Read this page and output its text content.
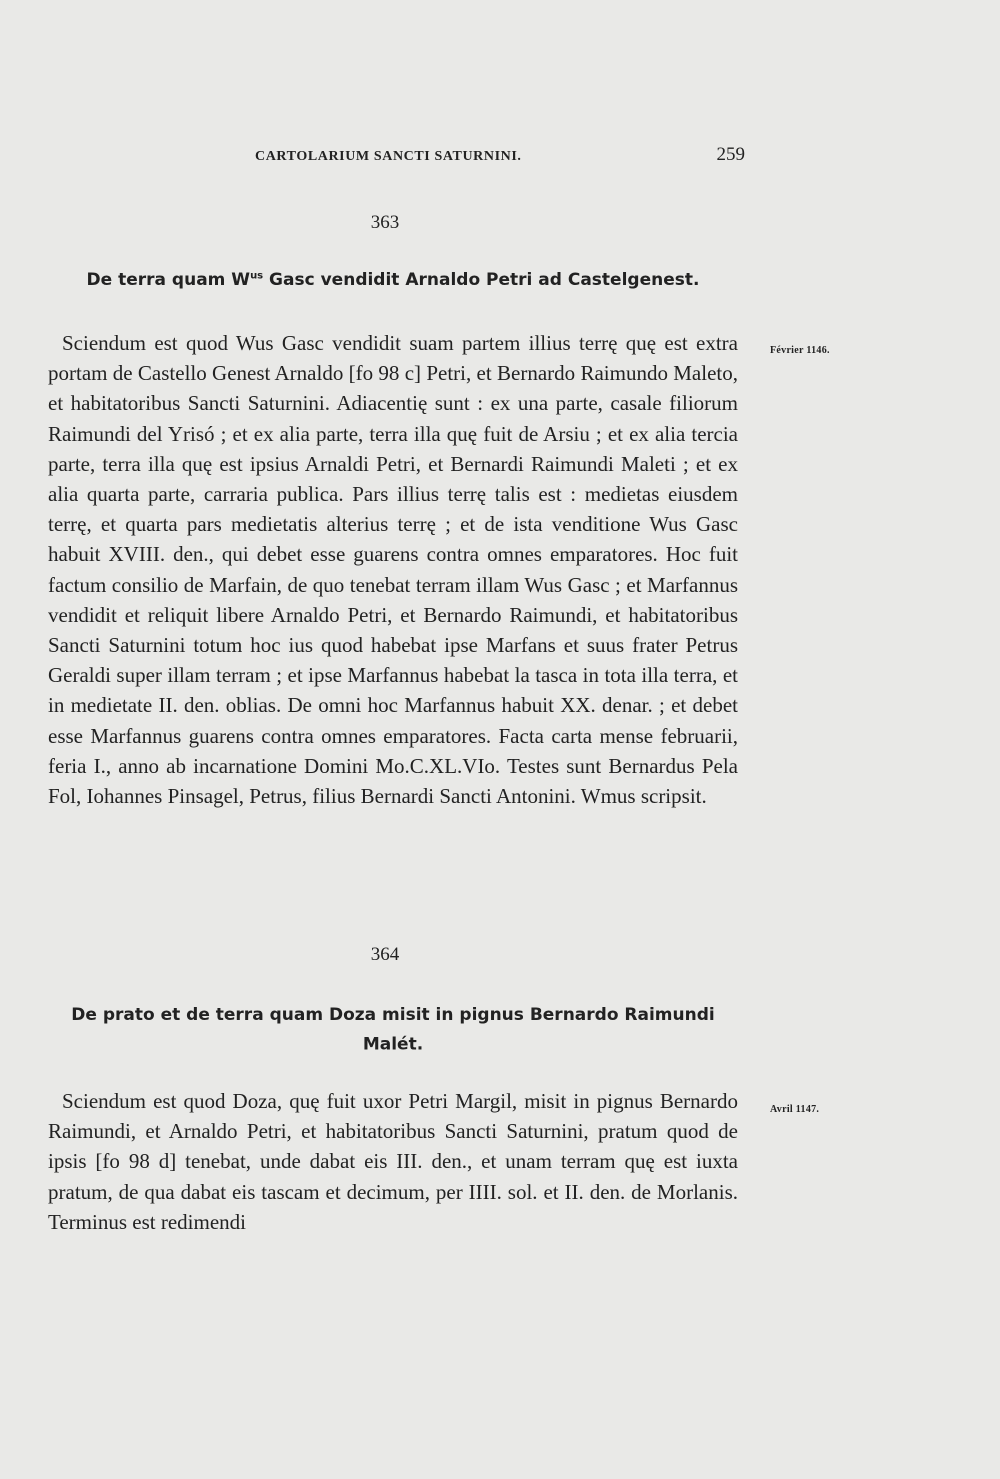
CARTOLARIUM SANCTI SATURNINI.	259
363
De terra quam $W^{us}$ Gasc vendidit Arnaldo Petri ad Castelgenest.
Février 1146.

Sciendum est quod Wus Gasc vendidit suam partem illius terrę quę est extra portam de Castello Genest Arnaldo [fo 98 c] Petri, et Bernardo Raimundo Maleto, et habitatoribus Sancti Saturnini. Adiacentię sunt : ex una parte, casale filiorum Raimundi del Yrisó ; et ex alia parte, terra illa quę fuit de Arsiu ; et ex alia tercia parte, terra illa quę est ipsius Arnaldi Petri, et Bernardi Raimundi Maleti ; et ex alia quarta parte, carraria publica. Pars illius terrę talis est : medietas eiusdem terrę, et quarta pars medietatis alterius terrę ; et de ista venditione Wus Gasc habuit XVIII. den., qui debet esse guarens contra omnes emparatores. Hoc fuit factum consilio de Marfain, de quo tenebat terram illam Wus Gasc ; et Marfannus vendidit et reliquit libere Arnaldo Petri, et Bernardo Raimundi, et habitatoribus Sancti Saturnini totum hoc ius quod habebat ipse Marfans et suus frater Petrus Geraldi super illam terram ; et ipse Marfannus habebat la tasca in tota illa terra, et in medietate II. den. oblias. De omni hoc Marfannus habuit XX. denar. ; et debet esse Marfannus guarens contra omnes emparatores. Facta carta mense februarii, feria I., anno ab incarnatione Domini Mo.C.XL.VIo. Testes sunt Bernardus Pela Fol, Iohannes Pinsagel, Petrus, filius Bernardi Sancti Antonini. Wmus scripsit.

364
De prato et de terra quam Doza misit in pignus Bernardo Raimundi Malét.
Avril 1147.

Sciendum est quod Doza, quę fuit uxor Petri Margil, misit in pignus Bernardo Raimundi, et Arnaldo Petri, et habitatoribus Sancti Saturnini, pratum quod de ipsis [fo 98 d] tenebat, unde dabat eis III. den., et unam terram quę est iuxta pratum, de qua dabat eis tascam et decimum, per IIII. sol. et II. den. de Morlanis. Terminus est redimendi
